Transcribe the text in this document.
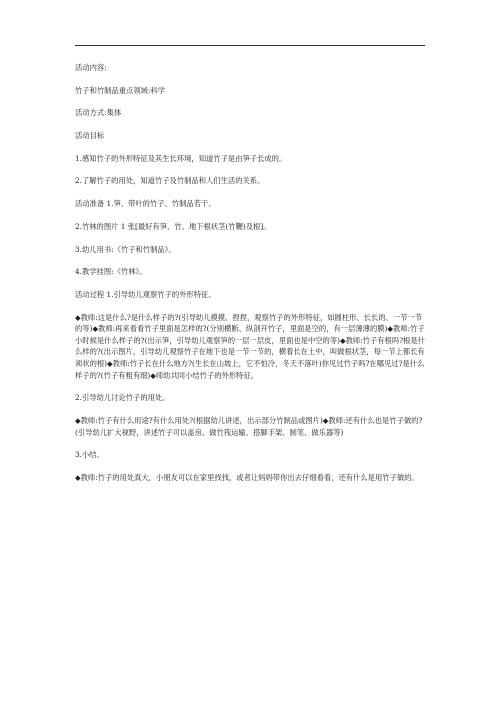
活动内容:

竹子和竹制品重点领域:科学

活动方式:集体

活动目标

1.感知竹子的外形特征及其生长环境，知道竹子是由笋子长成的。

2.了解竹子的用处，知道竹子及竹制品和人们生活的关系。

活动准备 1.笋、带叶的竹子、竹制品若干。

2.竹林的图片 1 张[最好有笋、竹、地下根状茎(竹鞭)及根]。

3.幼儿用书:《竹子和竹制品》。

4.教学挂图:《竹林》。

活动过程 1.引导幼儿观察竹子的外形特征。

◆教师:这是什么?是什么样子的?(引导幼儿摸摸、捏捏，观察竹子的外形特征，如圆柱形、长长的、一节一节的等)◆教师:再来看看竹子里面是怎样的?(分别横断、纵剖开竹子，里面是空的，有一层薄薄的膜)◆教师:竹子小时候是什么样子的?(出示笋，引导幼儿观察笋的一层一层皮，里面也是中空的等)◆教师:竹子有根吗?根是什么样的?(出示图片，引导幼儿观察竹子在地下也是一节一节的，横着长在土中，叫做根状茎，每一节上都长有须状的根)◆教师:竹子长在什么地方?(生长在山坡上，它不怕冷，冬天不落叶)你见过竹子吗?在哪见过?是什么样子的?(竹子有粗有细)◆师幼共同小结竹子的外形特征。

2.引导幼儿讨论竹子的用处。

◆教师:竹子有什么用途?有什么用处?(根据幼儿讲述，出示部分竹制品或图片)◆教师:还有什么也是竹子做的?(引导幼儿扩大视野，讲述竹子可以盖房、做竹筏运输、搭脚手架、制笔、做乐器等)

3.小结。

◆教师:竹子的用处真大，小朋友可以在家里找找，或者让妈妈带你出去仔细看看，还有什么是用竹子做的。
